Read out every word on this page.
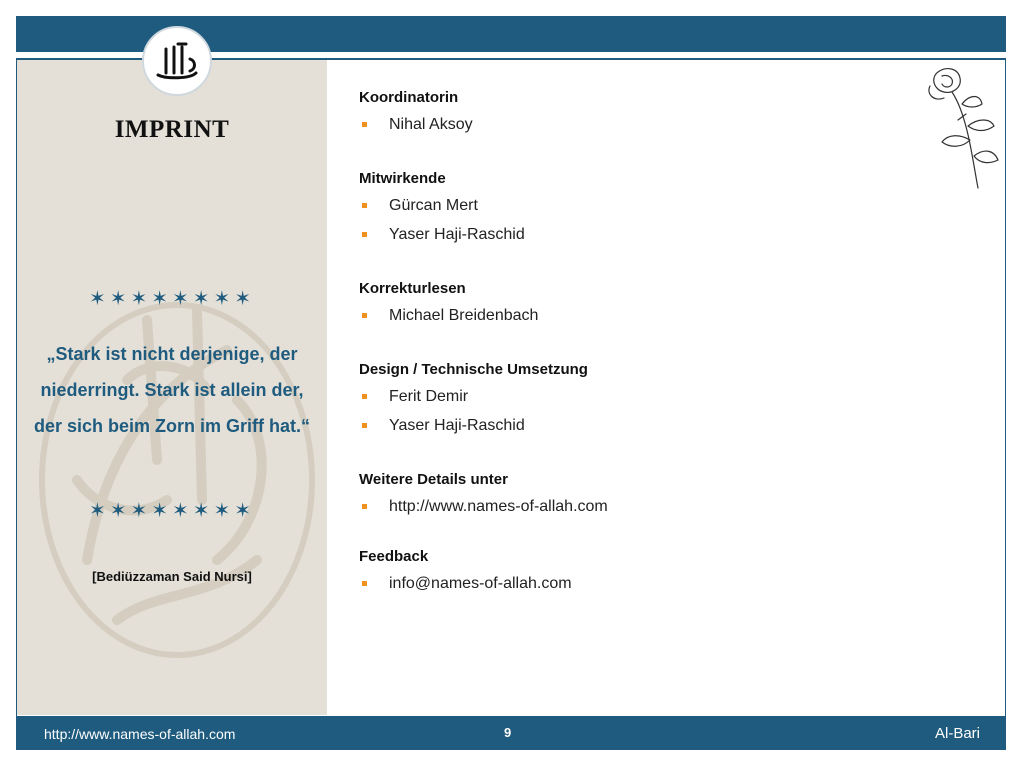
IMPRINT
✶✶✶✶✶✶✶✶
„Stark ist nicht derjenige, der niederringt. Stark ist allein der, der sich beim Zorn im Griff hat.“
✶✶✶✶✶✶✶✶
[Bediüzzaman Said Nursi]
Koordinatorin
Nihal Aksoy
Mitwirkende
Gürcan Mert
Yaser Haji-Raschid
Korrekturlesen
Michael Breidenbach
Design / Technische Umsetzung
Ferit Demir
Yaser Haji-Raschid
Weitere Details unter
http://www.names-of-allah.com
Feedback
info@names-of-allah.com
http://www.names-of-allah.com	9	Al-Bari
